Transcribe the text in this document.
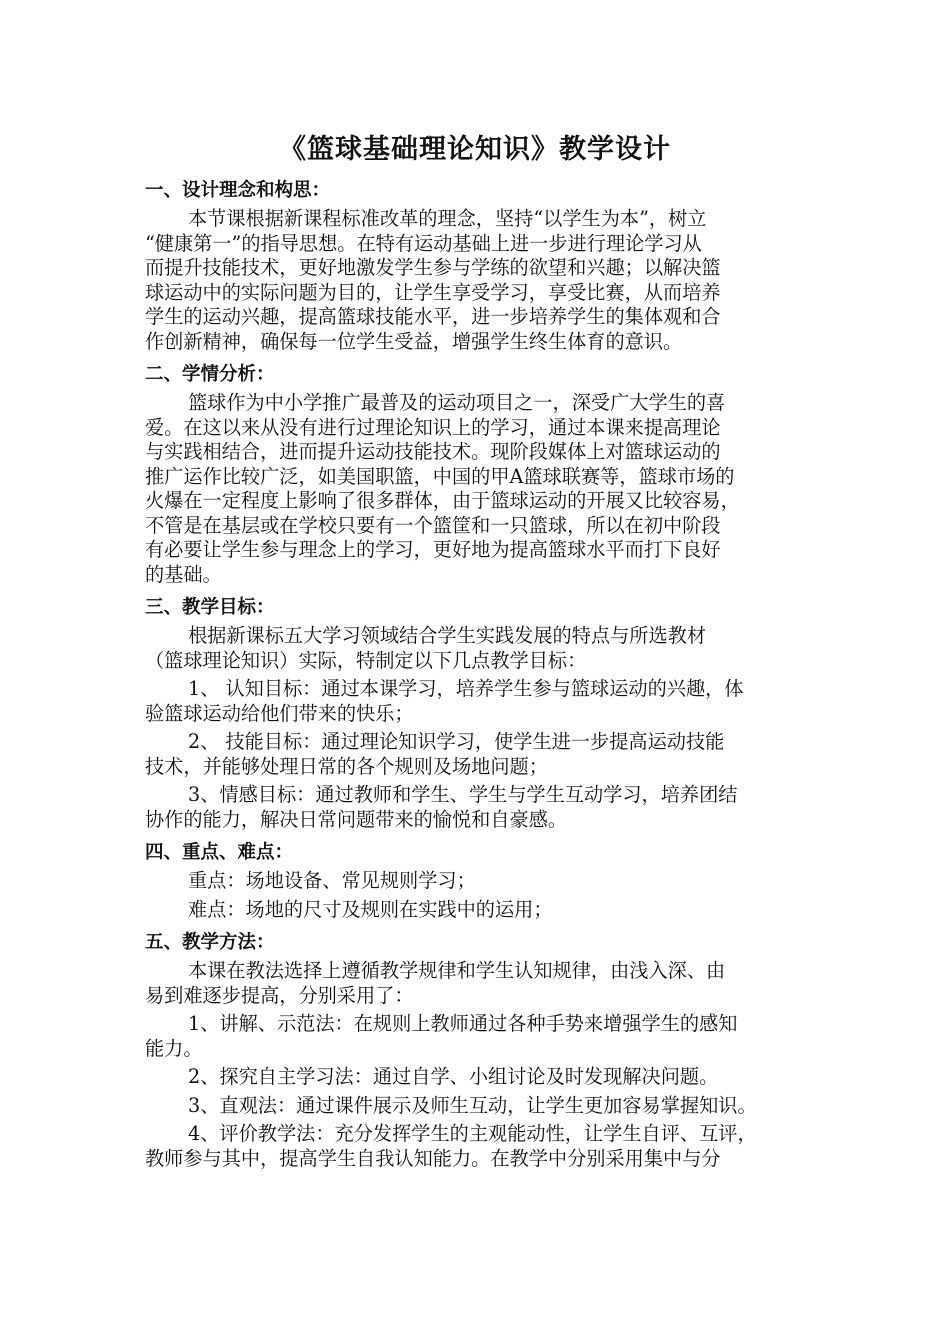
《篮球基础理论知识》教学设计
一、设计理念和构思：
本节课根据新课程标准改革的理念，坚持“以学生为本”，树立
“健康第一”的指导思想。在特有运动基础上进一步进行理论学习从
而提升技能技术，更好地激发学生参与学练的欲望和兴趣；以解决篮
球运动中的实际问题为目的，让学生享受学习，享受比赛，从而培养
学生的运动兴趣，提高篮球技能水平，进一步培养学生的集体观和合
作创新精神，确保每一位学生受益，增强学生终生体育的意识。
二、学情分析：
篮球作为中小学推广最普及的运动项目之一，深受广大学生的喜
爱。在这以来从没有进行过理论知识上的学习，通过本课来提高理论
与实践相结合，进而提升运动技能技术。现阶段媒体上对篮球运动的
推广运作比较广泛，如美国职篮，中国的甲A篮球联赛等，篮球市场的
火爆在一定程度上影响了很多群体，由于篮球运动的开展又比较容易，
不管是在基层或在学校只要有一个篮筐和一只篮球，所以在初中阶段
有必要让学生参与理念上的学习，更好地为提高篮球水平而打下良好
的基础。
三、教学目标：
根据新课标五大学习领域结合学生实践发展的特点与所选教材
（篮球理论知识）实际，特制定以下几点教学目标：
1、 认知目标：通过本课学习，培养学生参与篮球运动的兴趣，体
验篮球运动给他们带来的快乐；
2、 技能目标：通过理论知识学习，使学生进一步提高运动技能
技术，并能够处理日常的各个规则及场地问题；
3、情感目标：通过教师和学生、学生与学生互动学习，培养团结
协作的能力，解决日常问题带来的愉悦和自豪感。
四、重点、难点：
重点：场地设备、常见规则学习；
难点：场地的尺寸及规则在实践中的运用；
五、教学方法：
本课在教法选择上遵循教学规律和学生认知规律，由浅入深、由
易到难逐步提高，分别采用了：
1、讲解、示范法：在规则上教师通过各种手势来增强学生的感知
能力。
2、探究自主学习法：通过自学、小组讨论及时发现解决问题。
3、直观法：通过课件展示及师生互动，让学生更加容易掌握知识。
4、评价教学法：充分发挥学生的主观能动性，让学生自评、互评，
教师参与其中，提高学生自我认知能力。在教学中分别采用集中与分
